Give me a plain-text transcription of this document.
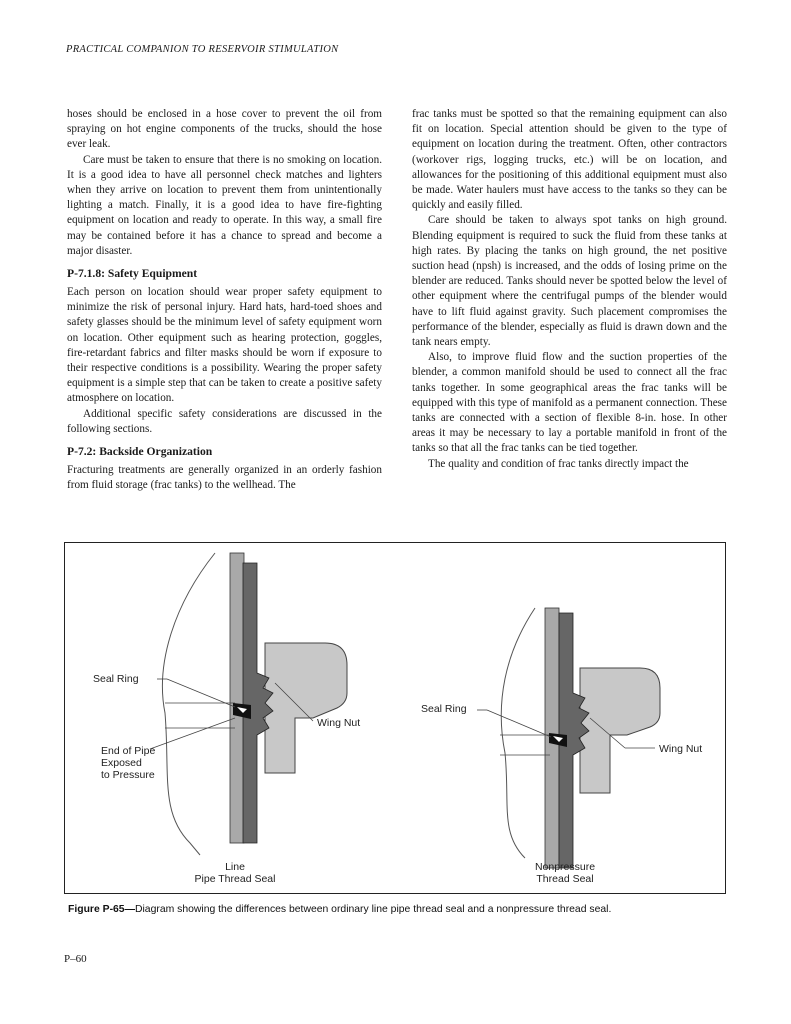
PRACTICAL COMPANION TO RESERVOIR STIMULATION

hoses should be enclosed in a hose cover to prevent the oil from spraying on hot engine components of the trucks, should the hose ever leak.

Care must be taken to ensure that there is no smoking on location. It is a good idea to have all personnel check matches and lighters when they arrive on location to prevent them from unintentionally lighting a match. Finally, it is a good idea to have fire-fighting equipment on location and ready to operate. In this way, a small fire may be contained before it has a chance to spread and become a major disaster.

P-7.1.8: Safety Equipment

Each person on location should wear proper safety equipment to minimize the risk of personal injury. Hard hats, hard-toed shoes and safety glasses should be the minimum level of safety equipment worn on location. Other equipment such as hearing protection, goggles, fire-retardant fabrics and filter masks should be worn if exposure to their respective conditions is a possibility. Wearing the proper safety equipment is a simple step that can be taken to create a positive safety atmosphere on location.

Additional specific safety considerations are discussed in the following sections.

P-7.2: Backside Organization

Fracturing treatments are generally organized in an orderly fashion from fluid storage (frac tanks) to the wellhead. The

frac tanks must be spotted so that the remaining equipment can also fit on location. Special attention should be given to the type of equipment on location during the treatment. Often, other contractors (workover rigs, logging trucks, etc.) will be on location, and allowances for the positioning of this additional equipment must also be made. Water haulers must have access to the tanks so they can be quickly and easily filled.

Care should be taken to always spot tanks on high ground. Blending equipment is required to suck the fluid from these tanks at high rates. By placing the tanks on high ground, the net positive suction head (npsh) is increased, and the odds of losing prime on the blender are reduced. Tanks should never be spotted below the level of other equipment where the centrifugal pumps of the blender would have to lift fluid against gravity. Such placement compromises the performance of the blender, especially as fluid is drawn down and the tank nears empty.

Also, to improve fluid flow and the suction properties of the blender, a common manifold should be used to connect all the frac tanks together. In some geographical areas the frac tanks will be equipped with this type of manifold as a permanent connection. These tanks are connected with a section of flexible 8-in. hose. In other areas it may be necessary to lay a portable manifold in front of the tanks so that all the frac tanks can be tied together.

The quality and condition of frac tanks directly impact the

Seal Ring
Wing Nut
End of Pipe
Exposed
to Pressure
Line
Pipe Thread Seal
Seal Ring
Wing Nut
Nonpressure
Thread Seal
Figure P-65—Diagram showing the differences between ordinary line pipe thread seal and a nonpressure thread seal.
P–60
